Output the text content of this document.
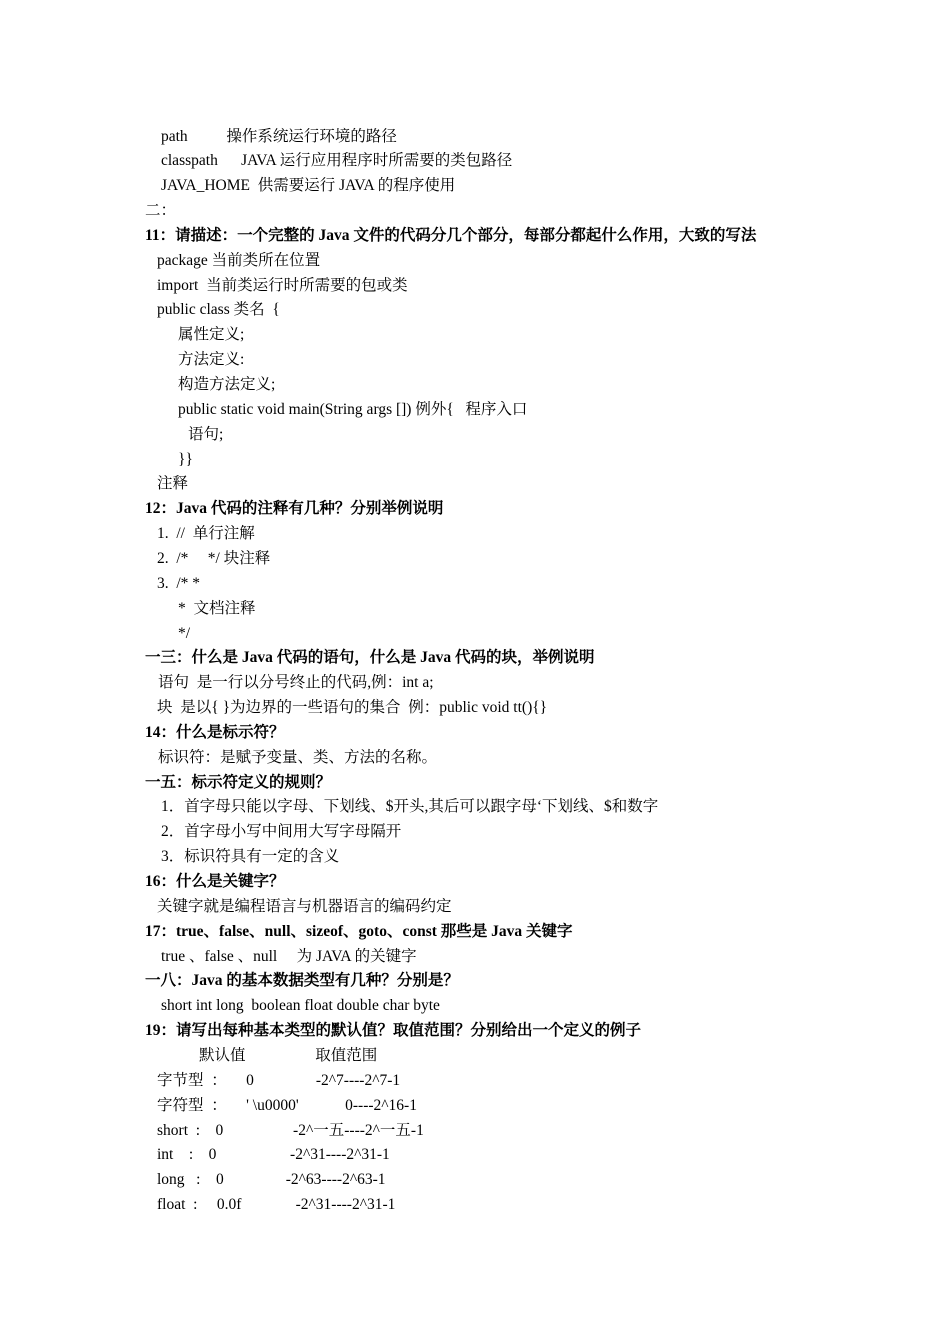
path          操作系统运行环境的路径
classpath      JAVA 运行应用程序时所需要的类包路径
JAVA_HOME  供需要运行 JAVA 的程序使用
二：
11：请描述：一个完整的 Java 文件的代码分几个部分，每部分都起什么作用，大致的写法
package 当前类所在位置
import  当前类运行时所需要的包或类
public class 类名  {
属性定义;
方法定义:
构造方法定义;
public static void main(String args []) 例外{   程序入口
语句;
}}
注释
12：Java 代码的注释有几种？分别举例说明
1.  //  单行注解
2.  /*     */ 块注释
3.  /* *
*  文档注释
*/
一三：什么是 Java 代码的语句，什么是 Java 代码的块，举例说明
语句  是一行以分号终止的代码,例：int a;
块  是以{ }为边界的一些语句的集合  例：public void tt(){}
14：什么是标示符？
标识符：是赋予变量、类、方法的名称。
一五：标示符定义的规则？
1．首字母只能以字母、下划线、$开头,其后可以跟字母‘下划线、$和数字
2．首字母小写中间用大写字母隔开
3．标识符具有一定的含义
16：什么是关键字？
关键字就是编程语言与机器语言的编码约定
17：true、false、null、sizeof、goto、const 那些是 Java 关键字
true 、false 、null     为 JAVA 的关键字
一八：Java 的基本数据类型有几种？分别是？
short int long  boolean float double char byte
19：请写出每种基本类型的默认值？取值范围？分别给出一个定义的例子
默认值                  取值范围
字节型  ：     0                -2^7----2^7-1
字符型  ：     ' \u0000'            0----2^16-1
short  :    0                  -2^一五----2^一五-1
int    :    0                   -2^31----2^31-1
long   :    0                -2^63----2^63-1
float  :     0.0f              -2^31----2^31-1
